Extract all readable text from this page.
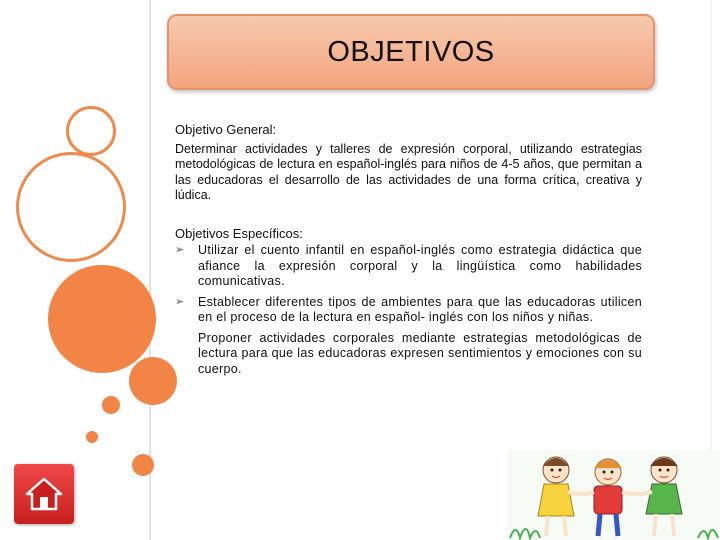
OBJETIVOS
Objetivo General:

Determinar actividades y talleres de expresión corporal, utilizando estrategias metodológicas de lectura en español-inglés para niños de 4-5 años, que permitan a las educadoras el desarrollo de las actividades de una forma crítica, creativa y lúdica.

Objetivos Específicos:
➢ Utilizar el cuento infantil en español-inglés como estrategia didáctica que afiance la expresión corporal y la lingüística como habilidades comunicativas.
➢ Establecer diferentes tipos de ambientes para que las educadoras utilicen en el proceso de la lectura en español- inglés con los niños y niñas.
Proponer actividades corporales mediante estrategias metodológicas de lectura para que las educadoras expresen sentimientos y emociones con su cuerpo.
